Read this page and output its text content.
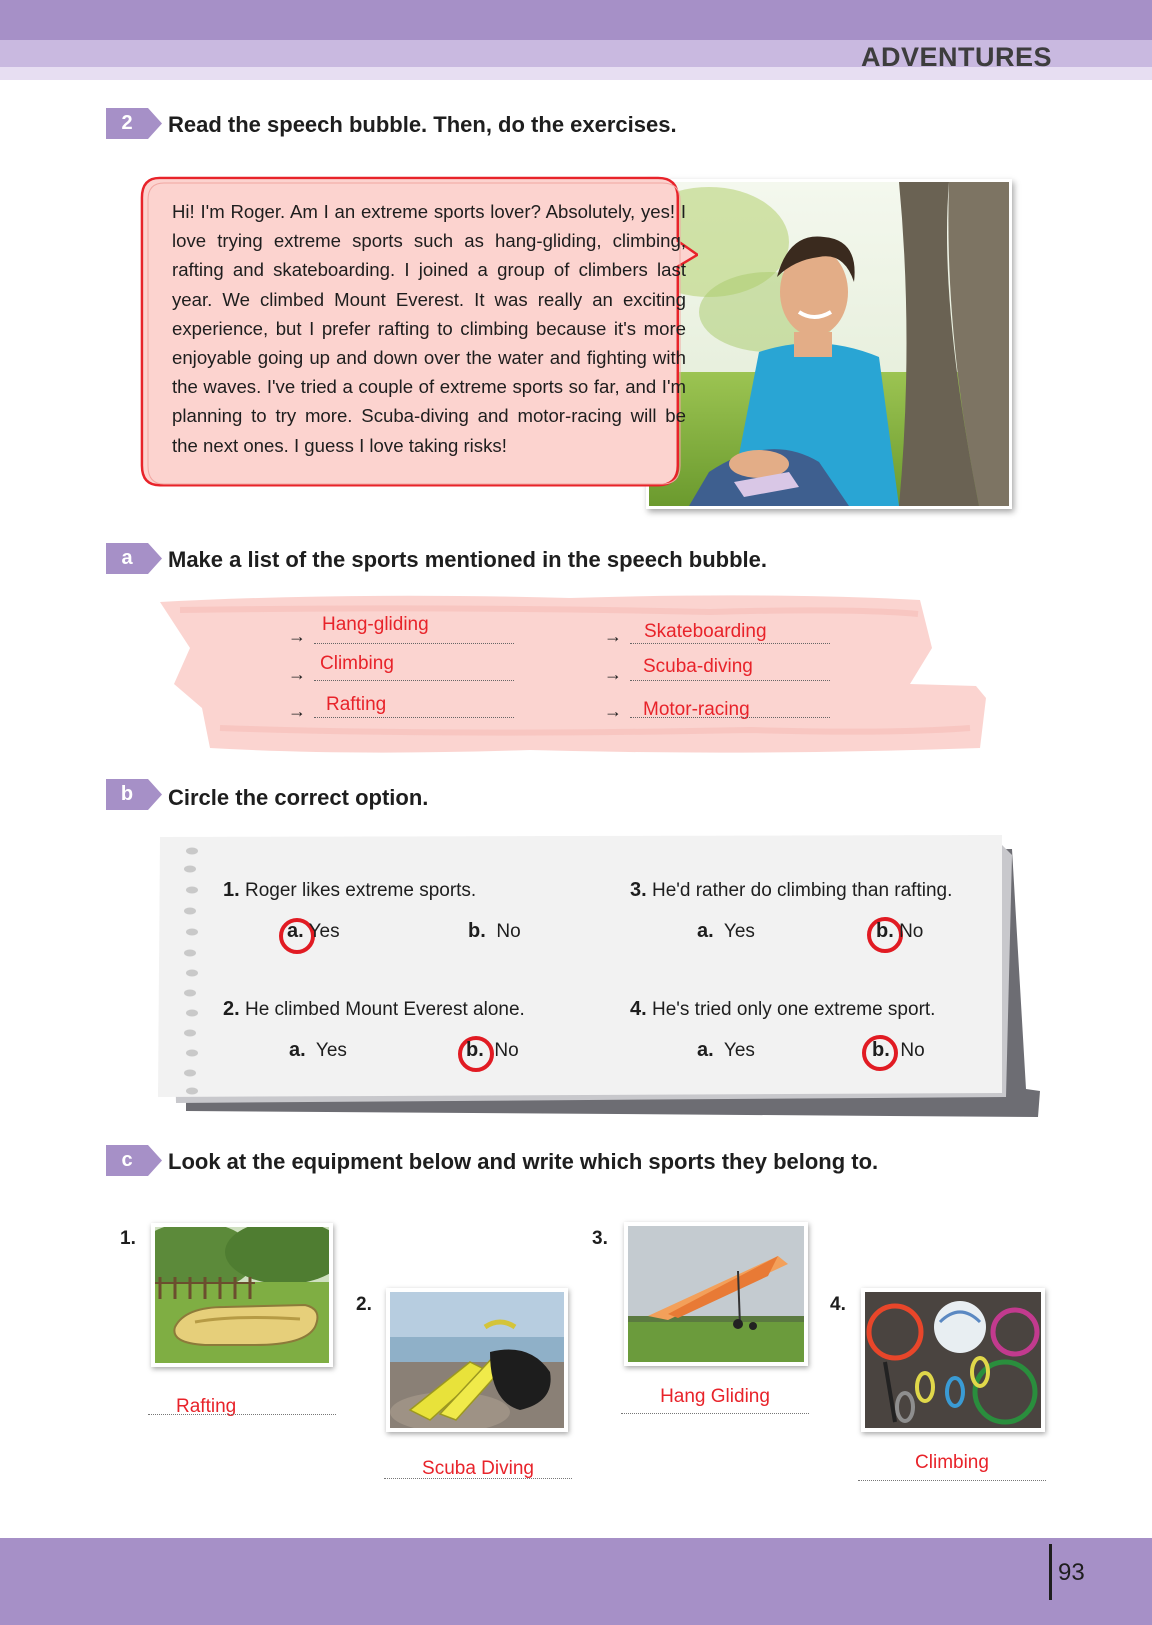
ADVENTURES
2	Read the speech bubble. Then, do the exercises.
Hi! I'm Roger. Am I an extreme sports lover? Absolutely, yes! I love trying extreme sports such as hang-gliding, climbing, rafting and skateboarding. I joined a group of climbers last year. We climbed Mount Everest. It was really an exciting experience, but I prefer rafting to climbing because it's more enjoyable going up and down over the water and fighting with the waves. I've tried a couple of extreme sports so far, and I'm planning to try more. Scuba-diving and motor-racing will be the next ones. I guess I love taking risks!
a	Make a list of the sports mentioned in the speech bubble.
→
Hang-gliding
→ Climbing
→ Rafting
→ Skateboarding
→ Scuba-diving
→ Motor-racing
b	Circle the correct option.
1. Roger likes extreme sports.
a. Yes	b. No
2. He climbed Mount Everest alone.
a. Yes	b. No
3. He'd rather do climbing than rafting.
a. Yes	b. No
4. He's tried only one extreme sport.
a. Yes	b. No
c	Look at the equipment below and write which sports they belong to.
1.
Rafting
2.
Scuba Diving
3.
Hang Gliding
4.
Climbing
93
